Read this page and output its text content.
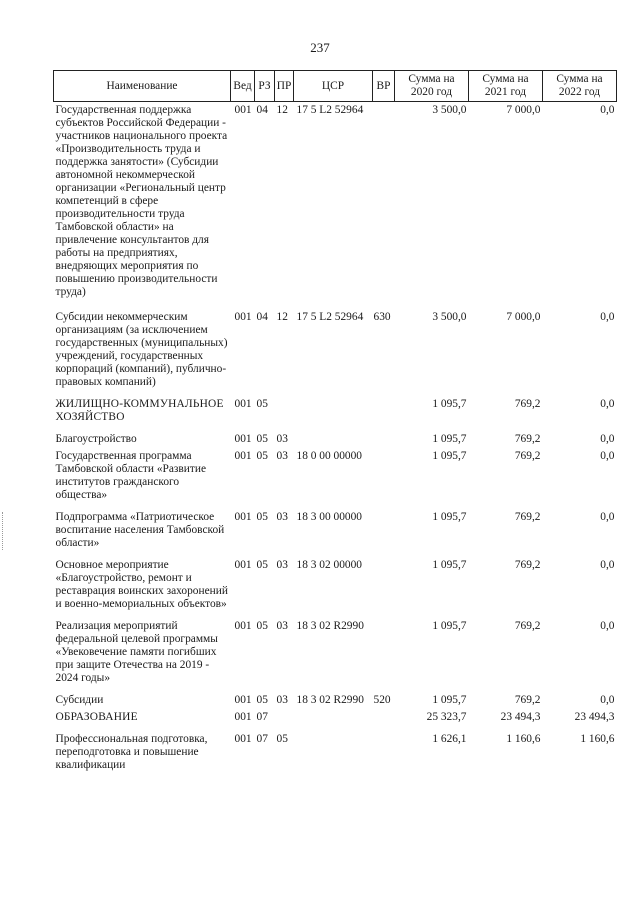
237
Наименование	Вед	РЗ	ПР	ЦСР	ВР	Сумма на 2020 год	Сумма на 2021 год	Сумма на 2022 год
Государственная поддержка субъектов Российской Федерации - участников национального проекта «Производительность труда и поддержка занятости» (Субсидии автономной некоммерческой организации «Региональный центр компетенций в сфере производительности труда Тамбовской области» на привлечение консультантов для работы на предприятиях, внедряющих мероприятия по повышению производительности труда)	001	04	12	17 5 L2 52964		3 500,0	7 000,0	0,0
Субсидии некоммерческим организациям (за исключением государственных (муниципальных) учреждений, государственных корпораций (компаний), публично-правовых компаний)	001	04	12	17 5 L2 52964	630	3 500,0	7 000,0	0,0
ЖИЛИЩНО-КОММУНАЛЬНОЕ ХОЗЯЙСТВО	001	05				1 095,7	769,2	0,0
Благоустройство	001	05	03			1 095,7	769,2	0,0
Государственная программа Тамбовской области «Развитие институтов гражданского общества»	001	05	03	18 0 00 00000		1 095,7	769,2	0,0
Подпрограмма «Патриотическое воспитание населения Тамбовской области»	001	05	03	18 3 00 00000		1 095,7	769,2	0,0
Основное мероприятие «Благоустройство, ремонт и реставрация воинских захоронений и военно-мемориальных объектов»	001	05	03	18 3 02 00000		1 095,7	769,2	0,0
Реализация мероприятий федеральной целевой программы «Увековечение памяти погибших при защите Отечества на 2019 - 2024 годы»	001	05	03	18 3 02 R2990		1 095,7	769,2	0,0
Субсидии	001	05	03	18 3 02 R2990	520	1 095,7	769,2	0,0
ОБРАЗОВАНИЕ	001	07				25 323,7	23 494,3	23 494,3
Профессиональная подготовка, переподготовка и повышение квалификации	001	07	05			1 626,1	1 160,6	1 160,6
